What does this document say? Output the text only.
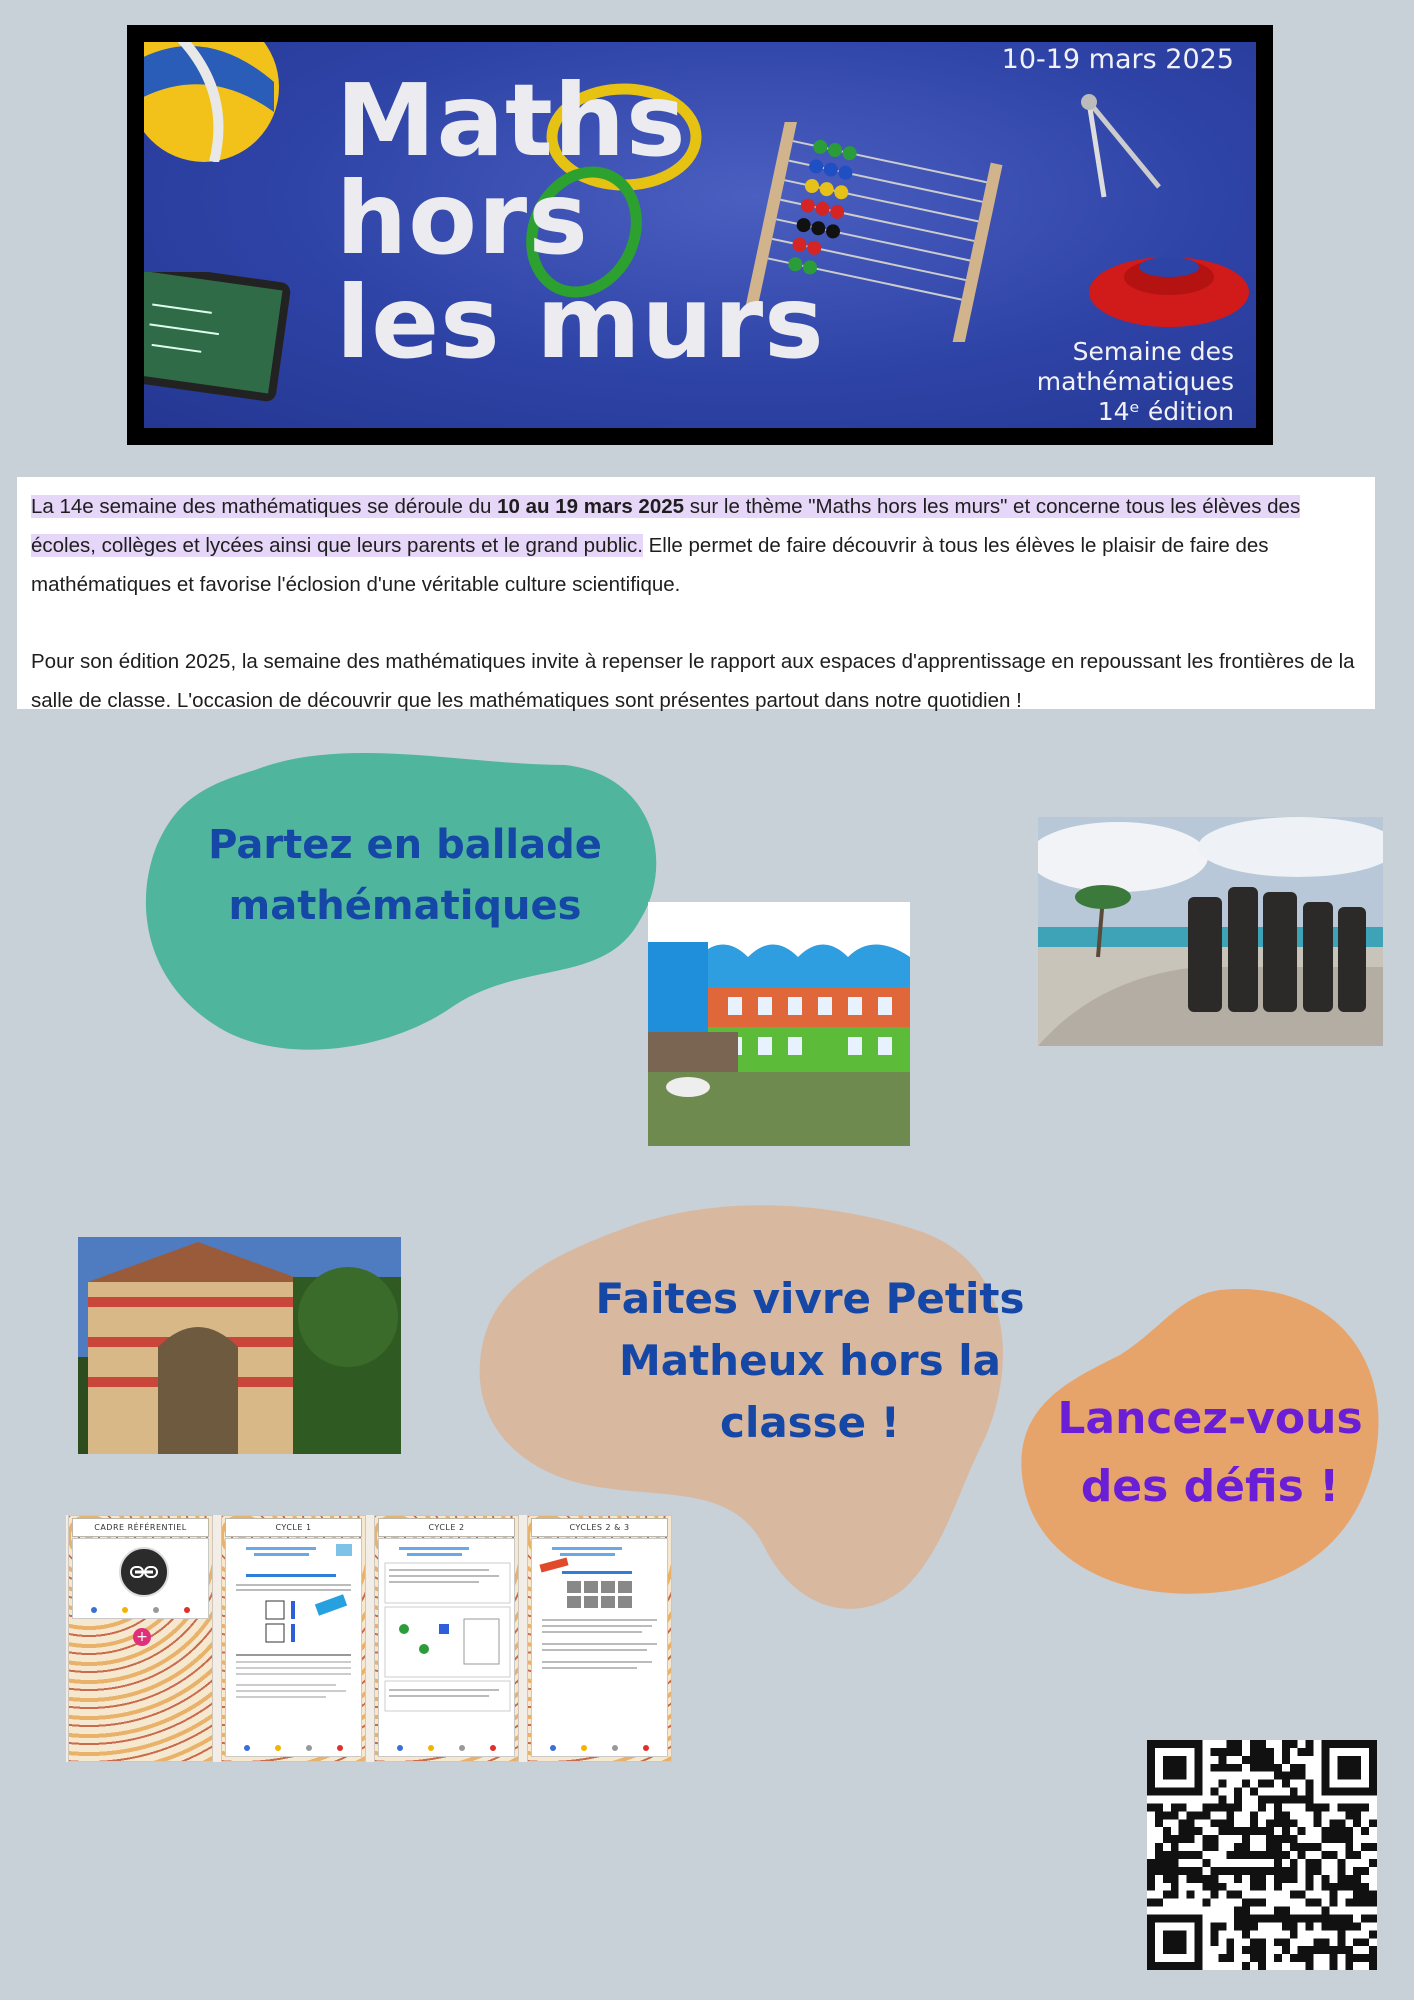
Maths
hors
les murs
10-19 mars 2025
Semaine des
mathématiques
14ᵉ édition

La 14e semaine des mathématiques se déroule du 10 au 19 mars 2025 sur le thème "Maths hors les murs" et concerne tous les élèves des écoles, collèges et lycées ainsi que leurs parents et le grand public. Elle permet de faire découvrir à tous les élèves le plaisir de faire des mathématiques et favorise l'éclosion d'une véritable culture scientifique.

Pour son édition 2025, la semaine des mathématiques invite à repenser le rapport aux espaces d'apprentissage en repoussant les frontières de la salle de classe. L'occasion de découvrir que les mathématiques sont présentes partout dans notre quotidien !

Partez en ballade
mathématiques
Faites vivre Petits
Matheux hors la
classe !	Lancez-vous
des défis !
CADRE RÉFÉRENTIEL
+
CYCLE 1	CYCLE 2	CYCLES 2 & 3
